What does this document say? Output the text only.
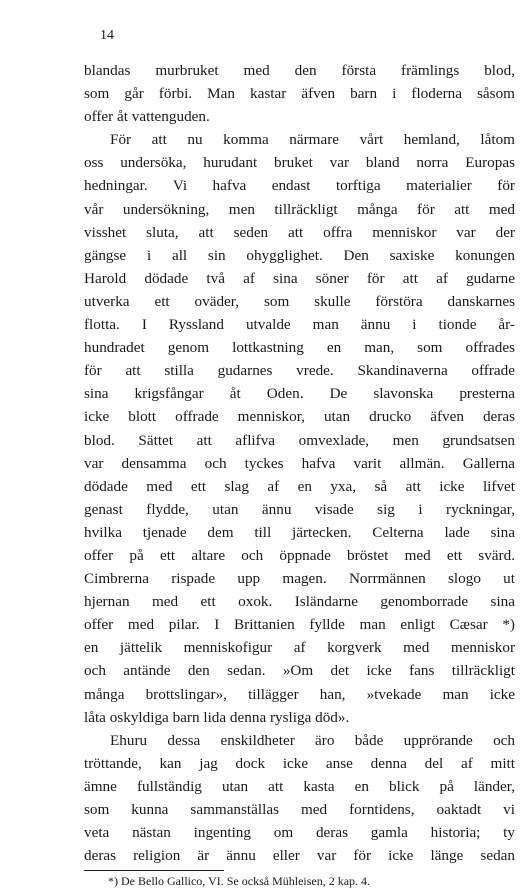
14
blandas murbruket med den första främlings blod,
som går förbi. Man kastar äfven barn i floderna såsom
offer åt vattenguden.
För att nu komma närmare vårt hemland, låtom
oss undersöka, hurudant bruket var bland norra Europas
hedningar. Vi hafva endast torftiga materialier för
vår undersökning, men tillräckligt många för att med
visshet sluta, att seden att offra menniskor var der
gängse i all sin ohygglighet. Den saxiske konungen
Harold dödade två af sina söner för att af gudarne
utverka ett oväder, som skulle förstöra danskarnes
flotta. I Ryssland utvalde man ännu i tionde år-
hundradet genom lottkastning en man, som offrades
för att stilla gudarnes vrede. Skandinaverna offrade
sina krigsfångar åt Oden. De slavonska presterna
icke blott offrade menniskor, utan drucko äfven deras
blod. Sättet att aflifva omvexlade, men grundsatsen
var densamma och tyckes hafva varit allmän. Gallerna
dödade med ett slag af en yxa, så att icke lifvet
genast flydde, utan ännu visade sig i ryckningar,
hvilka tjenade dem till järtecken. Celterna lade sina
offer på ett altare och öppnade bröstet med ett svärd.
Cimbrerna rispade upp magen. Norrmännen slogo ut
hjernan med ett oxok. Isländarne genomborrade sina
offer med pilar. I Brittanien fyllde man enligt Cæsar *)
en jättelik menniskofigur af korgverk med menniskor
och antände den sedan. »Om det icke fans tillräckligt
många brottslingar», tillägger han, »tvekade man icke
låta oskyldiga barn lida denna rysliga död».
Ehuru dessa enskildheter äro både upprörande och
tröttande, kan jag dock icke anse denna del af mitt
ämne fullständig utan att kasta en blick på länder,
som kunna sammanställas med forntidens, oaktadt vi
veta nästan ingenting om deras gamla historia; ty
deras religion är ännu eller var för icke länge sedan
*) De Bello Gallico, VI. Se också Mühleisen, 2 kap. 4.
